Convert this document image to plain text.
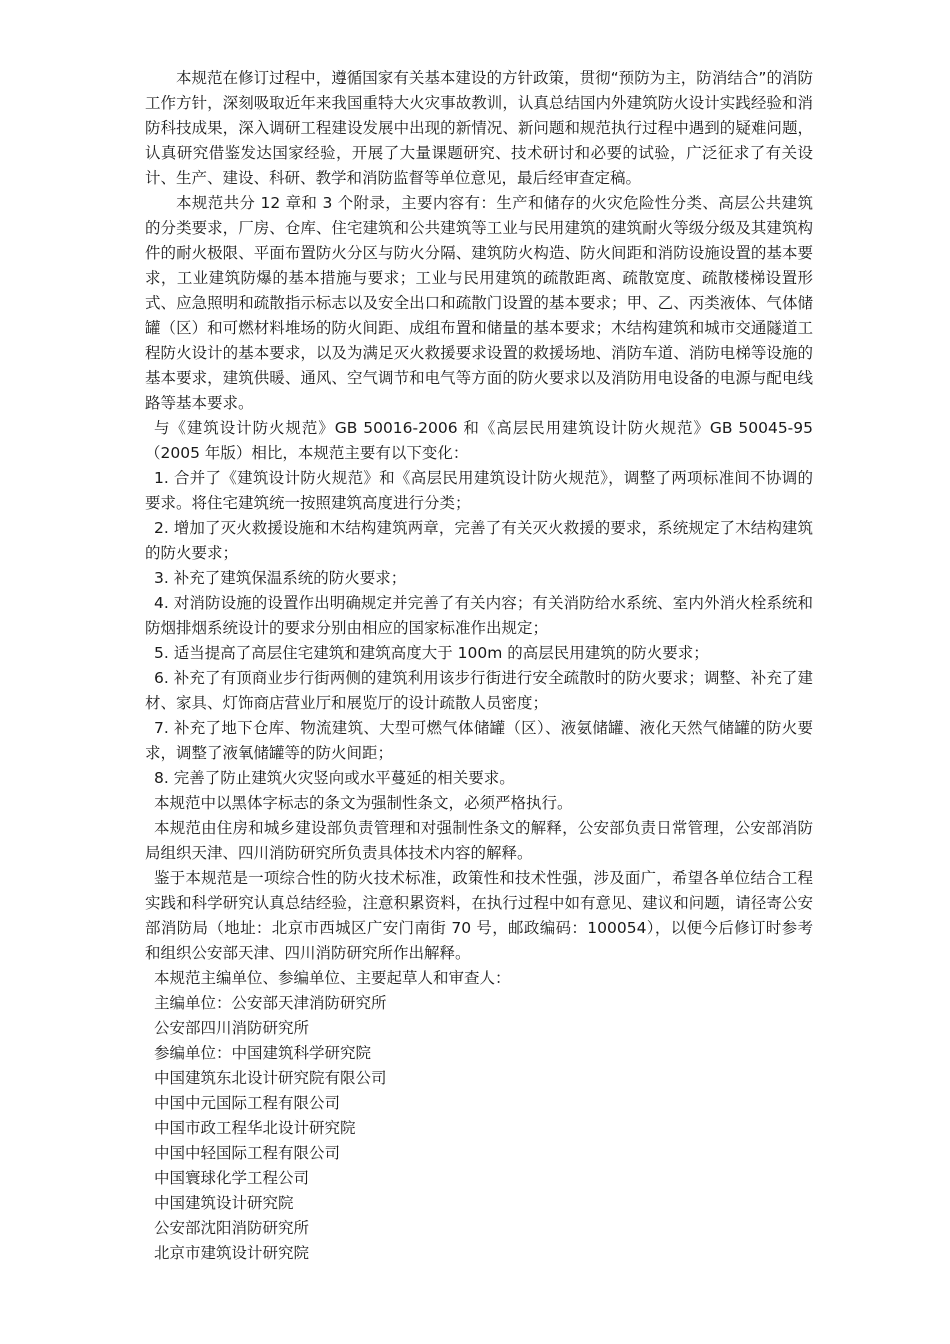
本规范在修订过程中，遵循国家有关基本建设的方针政策，贯彻“预防为主，防消结合”的消防工作方针，深刻吸取近年来我国重特大火灾事故教训，认真总结国内外建筑防火设计实践经验和消防科技成果，深入调研工程建设发展中出现的新情况、新问题和规范执行过程中遇到的疑难问题，认真研究借鉴发达国家经验，开展了大量课题研究、技术研讨和必要的试验，广泛征求了有关设计、生产、建设、科研、教学和消防监督等单位意见，最后经审查定稿。

本规范共分 12 章和 3 个附录，主要内容有：生产和储存的火灾危险性分类、高层公共建筑的分类要求，厂房、仓库、住宅建筑和公共建筑等工业与民用建筑的建筑耐火等级分级及其建筑构件的耐火极限、平面布置防火分区与防火分隔、建筑防火构造、防火间距和消防设施设置的基本要求，工业建筑防爆的基本措施与要求；工业与民用建筑的疏散距离、疏散宽度、疏散楼梯设置形式、应急照明和疏散指示标志以及安全出口和疏散门设置的基本要求；甲、乙、丙类液体、气体储罐（区）和可燃材料堆场的防火间距、成组布置和储量的基本要求；木结构建筑和城市交通隧道工程防火设计的基本要求，以及为满足灭火救援要求设置的救援场地、消防车道、消防电梯等设施的基本要求，建筑供暖、通风、空气调节和电气等方面的防火要求以及消防用电设备的电源与配电线路等基本要求。

与《建筑设计防火规范》GB 50016-2006 和《高层民用建筑设计防火规范》GB 50045-95（2005 年版）相比，本规范主要有以下变化：

1. 合并了《建筑设计防火规范》和《高层民用建筑设计防火规范》，调整了两项标准间不协调的要求。将住宅建筑统一按照建筑高度进行分类；

2. 增加了灭火救援设施和木结构建筑两章，完善了有关灭火救援的要求，系统规定了木结构建筑的防火要求；

3. 补充了建筑保温系统的防火要求；

4. 对消防设施的设置作出明确规定并完善了有关内容；有关消防给水系统、室内外消火栓系统和防烟排烟系统设计的要求分别由相应的国家标准作出规定；

5. 适当提高了高层住宅建筑和建筑高度大于 100m 的高层民用建筑的防火要求；

6. 补充了有顶商业步行街两侧的建筑利用该步行街进行安全疏散时的防火要求；调整、补充了建材、家具、灯饰商店营业厅和展览厅的设计疏散人员密度；

7. 补充了地下仓库、物流建筑、大型可燃气体储罐（区）、液氨储罐、液化天然气储罐的防火要求，调整了液氧储罐等的防火间距；

8. 完善了防止建筑火灾竖向或水平蔓延的相关要求。

本规范中以黑体字标志的条文为强制性条文，必须严格执行。

本规范由住房和城乡建设部负责管理和对强制性条文的解释，公安部负责日常管理，公安部消防局组织天津、四川消防研究所负责具体技术内容的解释。

鉴于本规范是一项综合性的防火技术标准，政策性和技术性强，涉及面广，希望各单位结合工程实践和科学研究认真总结经验，注意积累资料，在执行过程中如有意见、建议和问题，请径寄公安部消防局（地址：北京市西城区广安门南街 70 号，邮政编码：100054），以便今后修订时参考和组织公安部天津、四川消防研究所作出解释。

本规范主编单位、参编单位、主要起草人和审查人：

主编单位：公安部天津消防研究所

公安部四川消防研究所

参编单位：中国建筑科学研究院

中国建筑东北设计研究院有限公司

中国中元国际工程有限公司

中国市政工程华北设计研究院

中国中轻国际工程有限公司

中国寰球化学工程公司

中国建筑设计研究院

公安部沈阳消防研究所

北京市建筑设计研究院
